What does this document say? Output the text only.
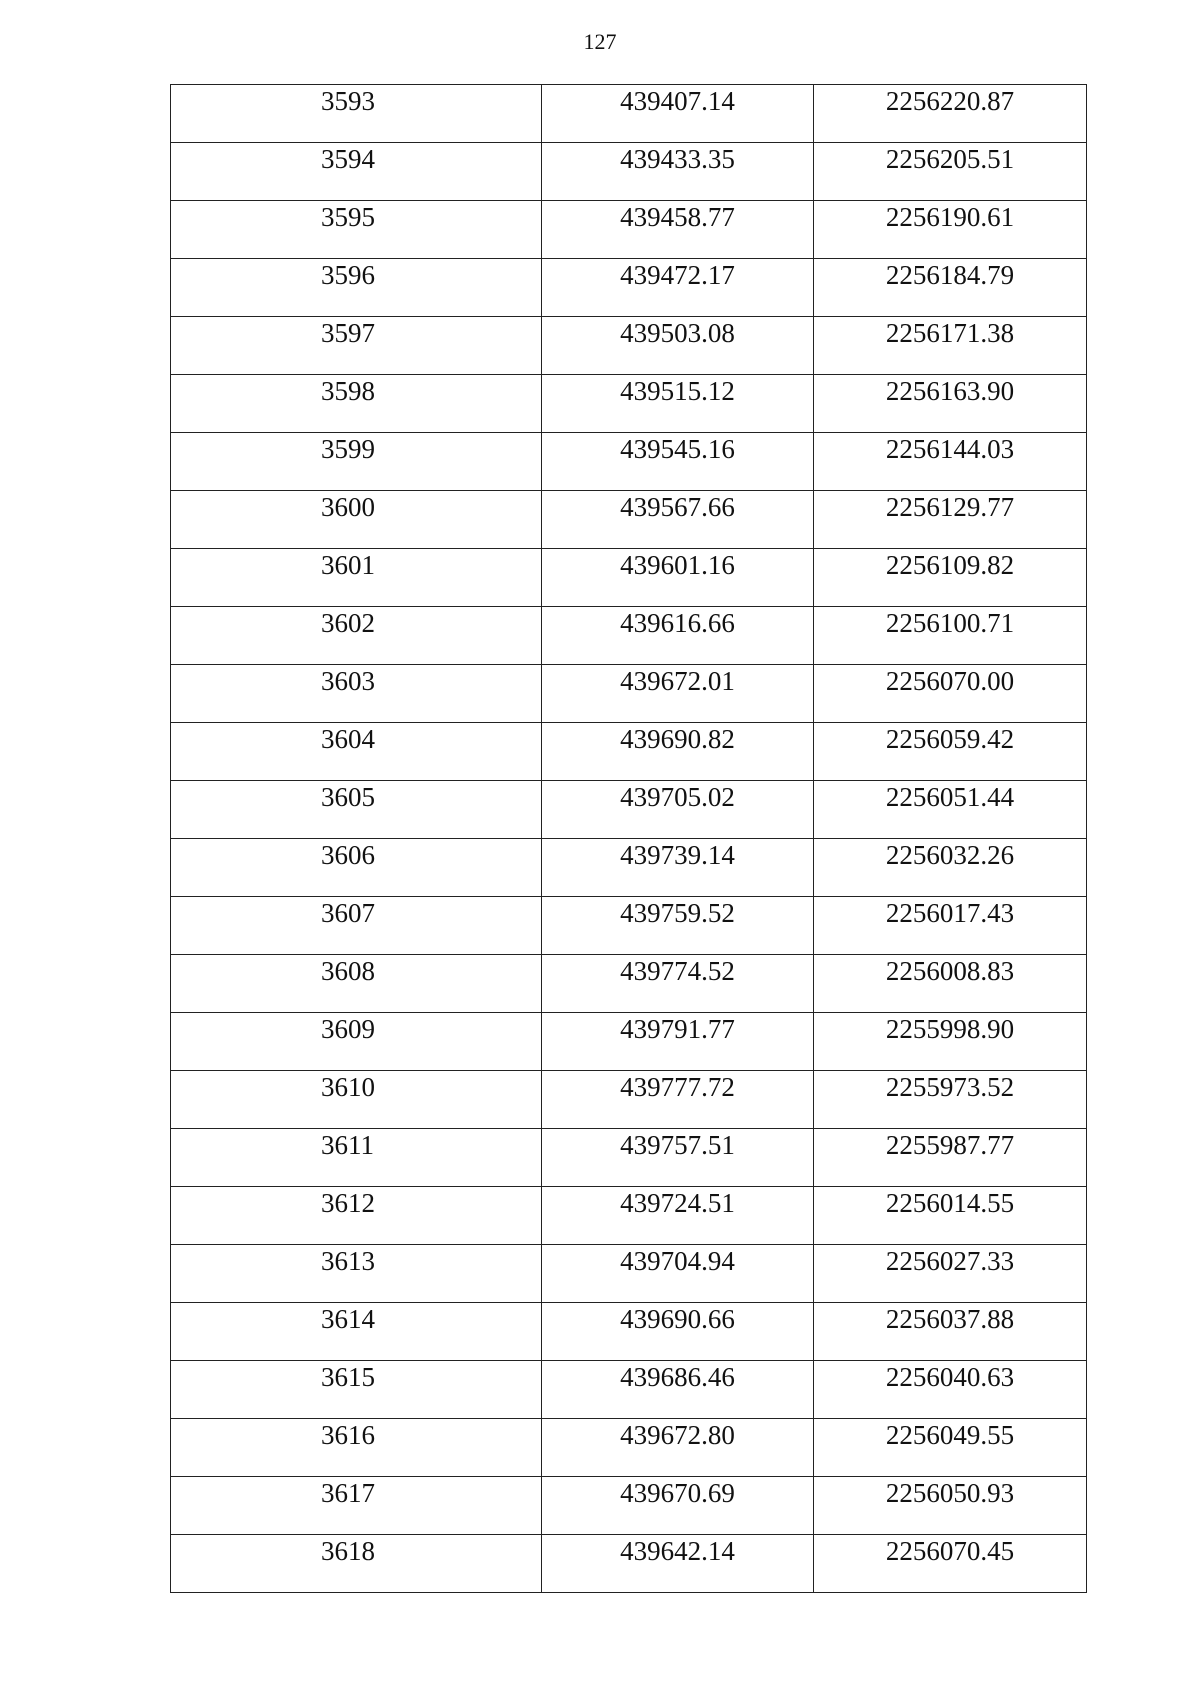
127
3593	439407.14	2256220.87
3594	439433.35	2256205.51
3595	439458.77	2256190.61
3596	439472.17	2256184.79
3597	439503.08	2256171.38
3598	439515.12	2256163.90
3599	439545.16	2256144.03
3600	439567.66	2256129.77
3601	439601.16	2256109.82
3602	439616.66	2256100.71
3603	439672.01	2256070.00
3604	439690.82	2256059.42
3605	439705.02	2256051.44
3606	439739.14	2256032.26
3607	439759.52	2256017.43
3608	439774.52	2256008.83
3609	439791.77	2255998.90
3610	439777.72	2255973.52
3611	439757.51	2255987.77
3612	439724.51	2256014.55
3613	439704.94	2256027.33
3614	439690.66	2256037.88
3615	439686.46	2256040.63
3616	439672.80	2256049.55
3617	439670.69	2256050.93
3618	439642.14	2256070.45
